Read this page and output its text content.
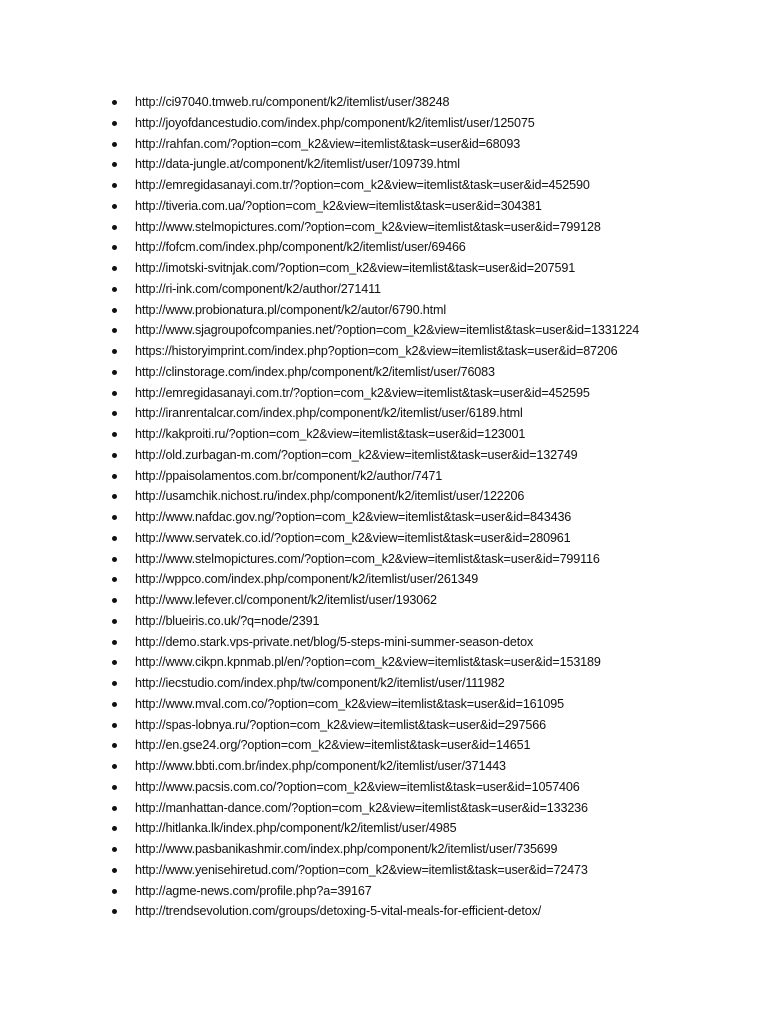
http://ci97040.tmweb.ru/component/k2/itemlist/user/38248
http://joyofdancestudio.com/index.php/component/k2/itemlist/user/125075
http://rahfan.com/?option=com_k2&view=itemlist&task=user&id=68093
http://data-jungle.at/component/k2/itemlist/user/109739.html
http://emregidasanayi.com.tr/?option=com_k2&view=itemlist&task=user&id=452590
http://tiveria.com.ua/?option=com_k2&view=itemlist&task=user&id=304381
http://www.stelmopictures.com/?option=com_k2&view=itemlist&task=user&id=799128
http://fofcm.com/index.php/component/k2/itemlist/user/69466
http://imotski-svitnjak.com/?option=com_k2&view=itemlist&task=user&id=207591
http://ri-ink.com/component/k2/author/271411
http://www.probionatura.pl/component/k2/autor/6790.html
http://www.sjagroupofcompanies.net/?option=com_k2&view=itemlist&task=user&id=1331224
https://historyimprint.com/index.php?option=com_k2&view=itemlist&task=user&id=87206
http://clinstorage.com/index.php/component/k2/itemlist/user/76083
http://emregidasanayi.com.tr/?option=com_k2&view=itemlist&task=user&id=452595
http://iranrentalcar.com/index.php/component/k2/itemlist/user/6189.html
http://kakproiti.ru/?option=com_k2&view=itemlist&task=user&id=123001
http://old.zurbagan-m.com/?option=com_k2&view=itemlist&task=user&id=132749
http://ppaisolamentos.com.br/component/k2/author/7471
http://usamchik.nichost.ru/index.php/component/k2/itemlist/user/122206
http://www.nafdac.gov.ng/?option=com_k2&view=itemlist&task=user&id=843436
http://www.servatek.co.id/?option=com_k2&view=itemlist&task=user&id=280961
http://www.stelmopictures.com/?option=com_k2&view=itemlist&task=user&id=799116
http://wppco.com/index.php/component/k2/itemlist/user/261349
http://www.lefever.cl/component/k2/itemlist/user/193062
http://blueiris.co.uk/?q=node/2391
http://demo.stark.vps-private.net/blog/5-steps-mini-summer-season-detox
http://www.cikpn.kpnmab.pl/en/?option=com_k2&view=itemlist&task=user&id=153189
http://iecstudio.com/index.php/tw/component/k2/itemlist/user/111982
http://www.mval.com.co/?option=com_k2&view=itemlist&task=user&id=161095
http://spas-lobnya.ru/?option=com_k2&view=itemlist&task=user&id=297566
http://en.gse24.org/?option=com_k2&view=itemlist&task=user&id=14651
http://www.bbti.com.br/index.php/component/k2/itemlist/user/371443
http://www.pacsis.com.co/?option=com_k2&view=itemlist&task=user&id=1057406
http://manhattan-dance.com/?option=com_k2&view=itemlist&task=user&id=133236
http://hitlanka.lk/index.php/component/k2/itemlist/user/4985
http://www.pasbanikashmir.com/index.php/component/k2/itemlist/user/735699
http://www.yenisehiretud.com/?option=com_k2&view=itemlist&task=user&id=72473
http://agme-news.com/profile.php?a=39167
http://trendsevolution.com/groups/detoxing-5-vital-meals-for-efficient-detox/
